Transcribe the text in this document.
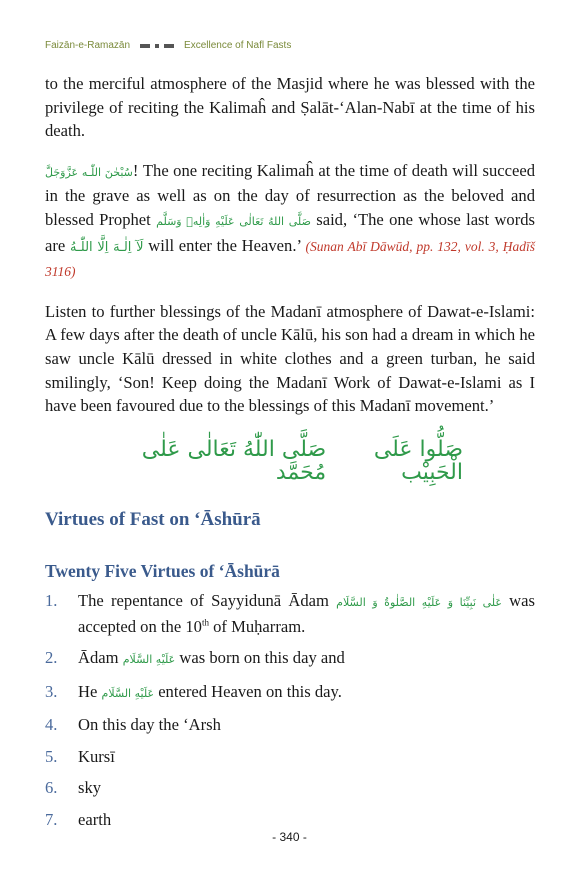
Faizān-e-Ramazān	Excellence of Nafl Fasts

to the merciful atmosphere of the Masjid where he was blessed with the privilege of reciting the Kalimaĥ and Ṣalāt-‘Alan-Nabī at the time of his death.

سُبْحٰنَ اللّٰـه عَزَّوَجَلَّ! The one reciting Kalimaĥ at the time of death will succeed in the grave as well as on the day of resurrection as the beloved and blessed Prophet صَلَّى اللهُ تَعَالٰى عَلَيْهِ وَاٰلِهٖ وَسَلَّم said, ‘The one whose last words are لَآ اِلٰـهَ اِلَّا اللّٰـهُ will enter the Heaven.’ (Sunan Abī Dāwūd, pp. 132, vol. 3, Ḥadīš 3116)

Listen to further blessings of the Madanī atmosphere of Dawat-e-Islami: A few days after the death of uncle Kālū, his son had a dream in which he saw uncle Kālū dressed in white clothes and a green turban, he said smilingly, ‘Son! Keep doing the Madanī Work of Dawat-e-Islami as I have been favoured due to the blessings of this Madanī movement.’

صَلُّوا عَلَى الْحَبِيْب
صَلَّى اللّٰهُ تَعَالٰى عَلٰى مُحَمَّد
Virtues of Fast on ‘Āshūrā
Twenty Five Virtues of ‘Āshūrā
1.	The repentance of Sayyidunā Ādam عَلٰى نَبِيِّنَا وَ عَلَيْهِ الصَّلٰوةُ وَ السَّلَام was accepted on the 10th of Muḥarram.
2.	Ādam عَلَيْهِ السَّلَام was born on this day and
3.	He عَلَيْهِ السَّلَام entered Heaven on this day.
4.	On this day the ‘Arsh
5.	Kursī
6.	sky
7.	earth
- 340 -
